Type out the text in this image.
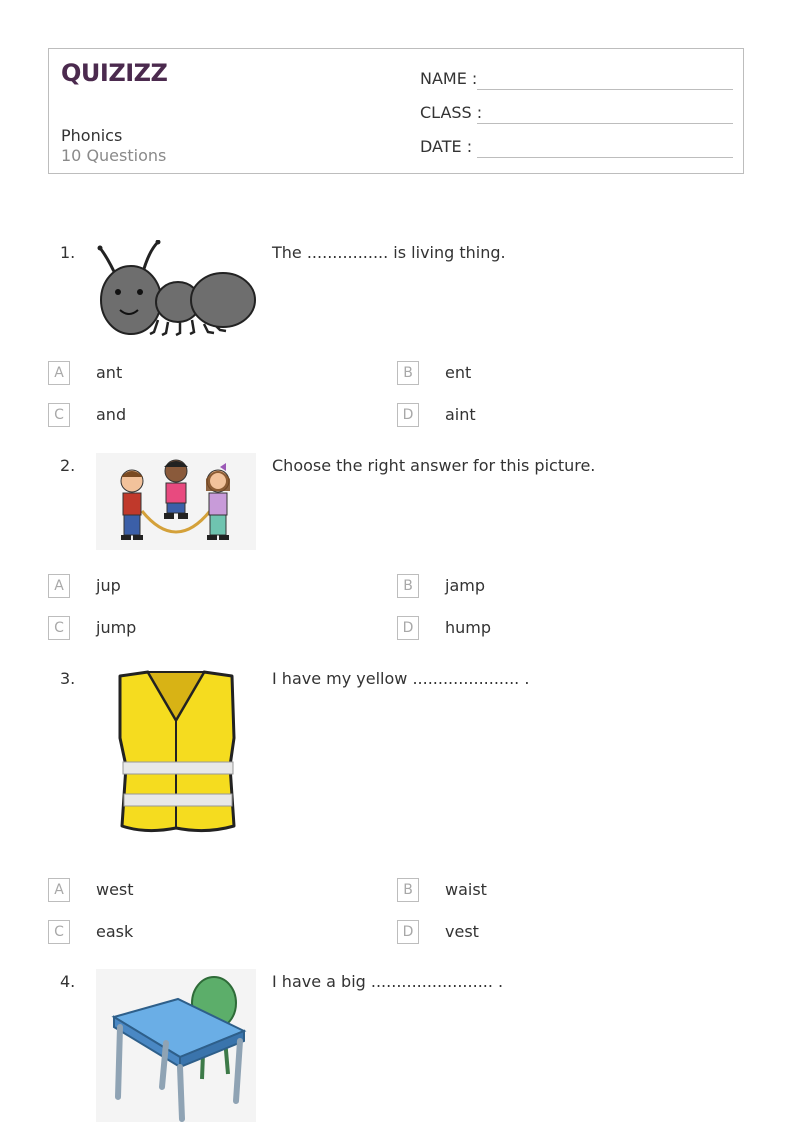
QUIZIZZ
Phonics
10 Questions
NAME :
CLASS :
DATE :
1.	The ................ is living thing.
A	ant	B	ent
C	and	D	aint
2.	Choose the right answer for this picture.
A	jup	B	jamp
C	jump	D	hump
3.	I have my yellow ..................... .
A	west	B	waist
C	eask	D	vest
4.	I have a big ........................ .
